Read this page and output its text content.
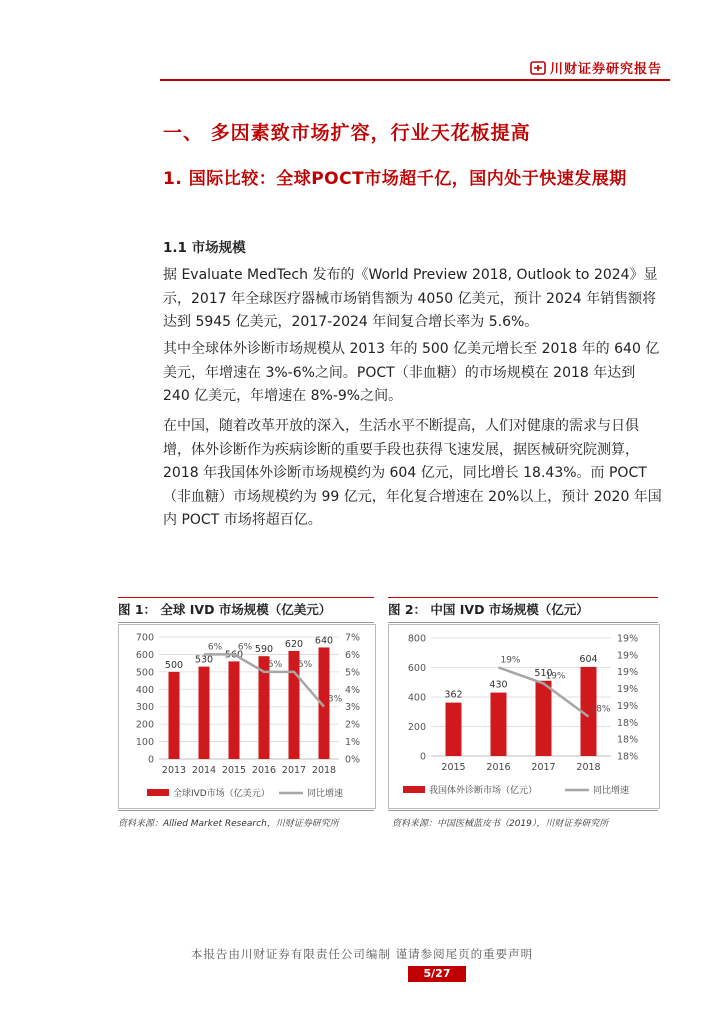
川财证券研究报告
一、 多因素致市场扩容，行业天花板提高
1. 国际比较：全球POCT市场超千亿，国内处于快速发展期
1.1 市场规模
据 Evaluate MedTech 发布的《World Preview 2018, Outlook to 2024》显示，2017 年全球医疗器械市场销售额为 4050 亿美元，预计 2024 年销售额将达到 5945 亿美元，2017-2024 年间复合增长率为 5.6%。
其中全球体外诊断市场规模从 2013 年的 500 亿美元增长至 2018 年的 640 亿美元，年增速在 3%-6%之间。POCT（非血糖）的市场规模在 2018 年达到 240 亿美元，年增速在 8%-9%之间。
在中国，随着改革开放的深入，生活水平不断提高，人们对健康的需求与日俱增，体外诊断作为疾病诊断的重要手段也获得飞速发展，据医械研究院测算，2018 年我国体外诊断市场规模约为 604 亿元，同比增长 18.43%。而 POCT（非血糖）市场规模约为 99 亿元，年化复合增速在 20%以上，预计 2020 年国内 POCT 市场将超百亿。
图 1： 全球 IVD 市场规模（亿美元）	图 2： 中国 IVD 市场规模（亿元）
0
100
200
300
400
500
600
700
0%
1%
2%
3%
4%
5%
6%
7%
500
2013
530
2014
560
2015
590
2016
620
2017
640
2018
6% 6%
5% 5%
3%
全球IVD市场（亿美元）	同比增速
0
200
400
600
800
18%
18%
18%
19%
19%
19%
19%
19%
362
2015
430
2016
510
2017
604
2018
19%
19%
18%
我国体外诊断市场（亿元）	同比增速
资料来源：Allied Market Research，川财证券研究所	资料来源：中国医械蓝皮书（2019），川财证券研究所
本报告由川财证券有限责任公司编制 谨请参阅尾页的重要声明
5/27
